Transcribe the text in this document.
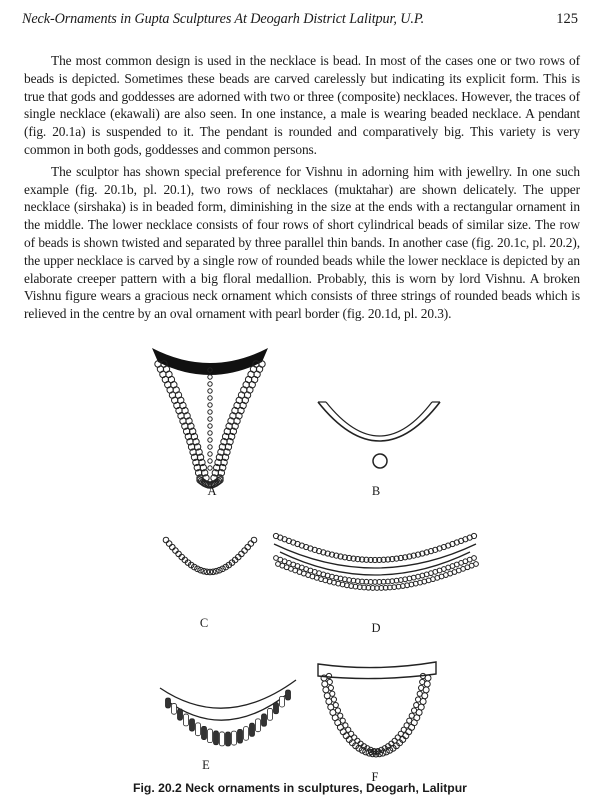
Neck-Ornaments in Gupta Sculptures At Deogarh District Lalitpur, U.P.	125

The most common design is used in the necklace is bead. In most of the cases one or two rows of beads is depicted. Sometimes these beads are carved carelessly but indicating its explicit form. This is true that gods and goddesses are adorned with two or three (composite) necklaces. However, the traces of single necklace (ekawali) are also seen. In one instance, a male is wearing beaded necklace. A pendant (fig. 20.1a) is suspended to it. The pendant is rounded and comparatively big. This variety is very common in both gods, goddesses and common persons.

The sculptor has shown special preference for Vishnu in adorning him with jewellry. In one such example (fig. 20.1b, pl. 20.1), two rows of necklaces (muktahar) are shown delicately. The upper necklace (sirshaka) is in beaded form, diminishing in the size at the ends with a rectangular ornament in the middle. The lower necklace consists of four rows of short cylindrical beads of similar size. The row of beads is shown twisted and separated by three parallel thin bands. In another case (fig. 20.1c, pl. 20.2), the upper necklace is carved by a single row of rounded beads while the lower necklace is depicted by an elaborate creeper pattern with a big floral medallion. Probably, this is worn by lord Vishnu. A broken Vishnu figure wears a gracious neck ornament which consists of three strings of rounded beads which is relieved in the centre by an oval ornament with pearl border (fig. 20.1d, pl. 20.3).

A	B
C	D
E
F
Fig. 20.2 Neck ornaments in sculptures, Deogarh, Lalitpur
